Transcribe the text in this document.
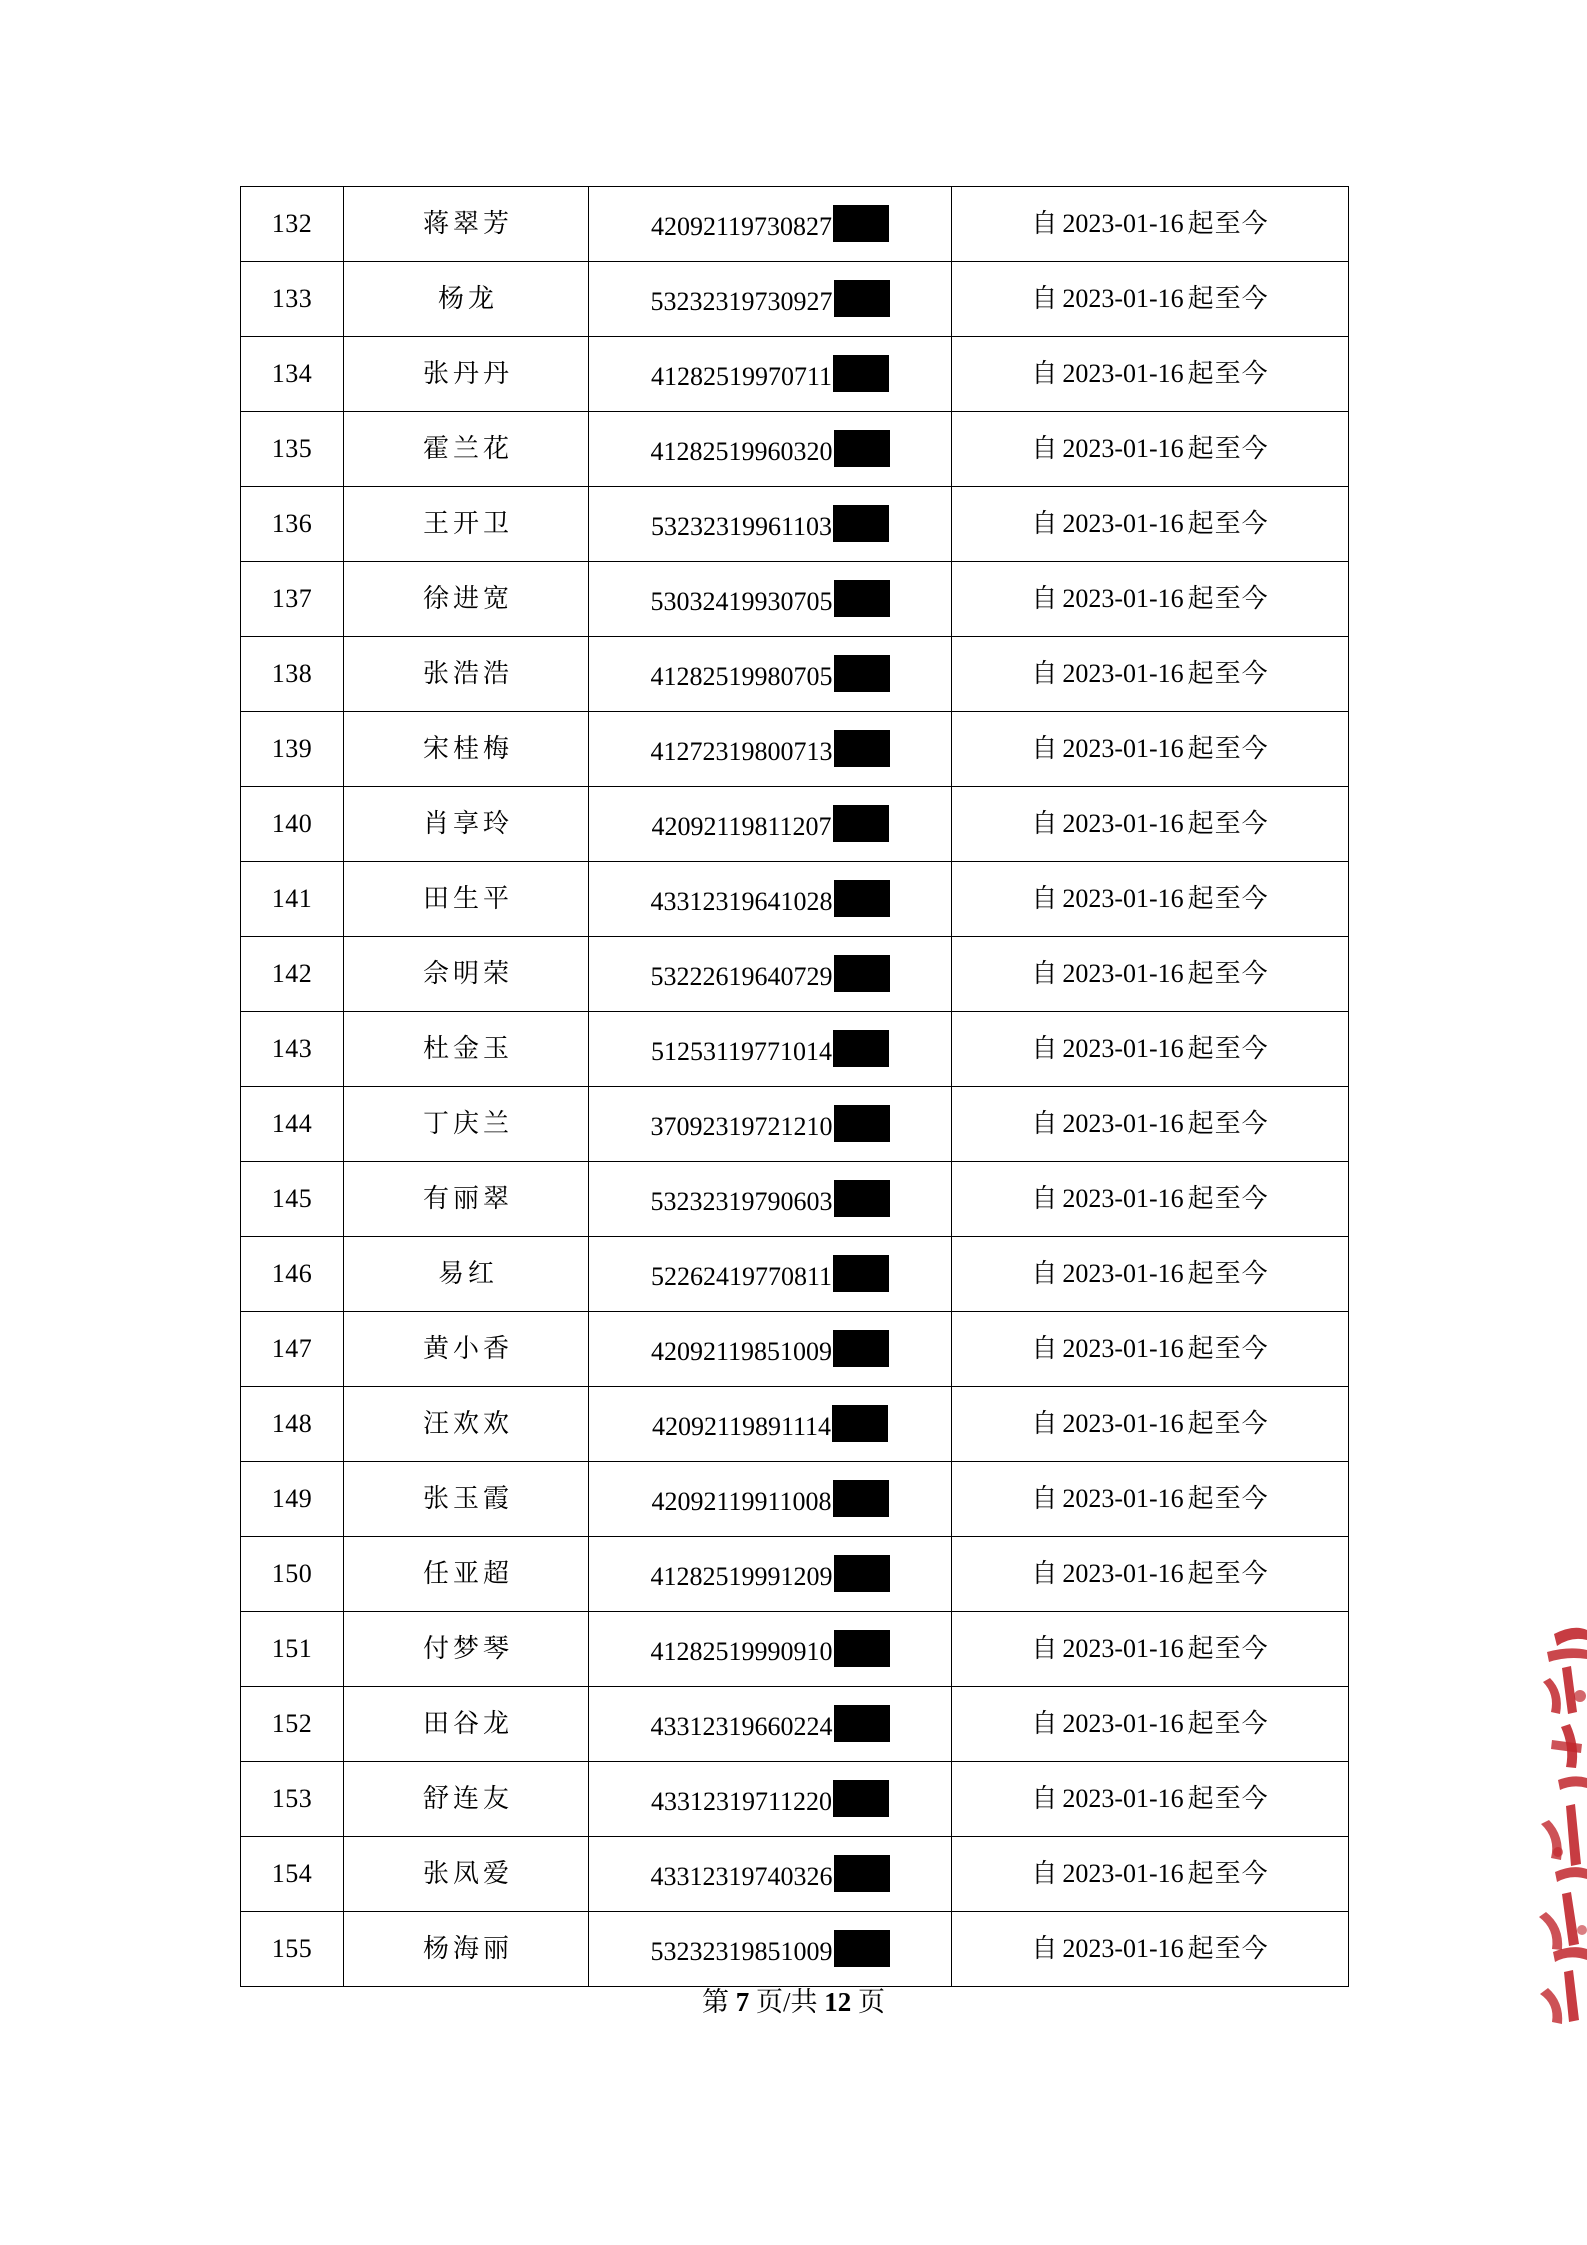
132	蒋翠芳	42092119730827	自 2023-01-16 起至今
133	杨龙	53232319730927	自 2023-01-16 起至今
134	张丹丹	41282519970711	自 2023-01-16 起至今
135	霍兰花	41282519960320	自 2023-01-16 起至今
136	王开卫	53232319961103	自 2023-01-16 起至今
137	徐进宽	53032419930705	自 2023-01-16 起至今
138	张浩浩	41282519980705	自 2023-01-16 起至今
139	宋桂梅	41272319800713	自 2023-01-16 起至今
140	肖享玲	42092119811207	自 2023-01-16 起至今
141	田生平	43312319641028	自 2023-01-16 起至今
142	佘明荣	53222619640729	自 2023-01-16 起至今
143	杜金玉	51253119771014	自 2023-01-16 起至今
144	丁庆兰	37092319721210	自 2023-01-16 起至今
145	有丽翠	53232319790603	自 2023-01-16 起至今
146	易红	52262419770811	自 2023-01-16 起至今
147	黄小香	42092119851009	自 2023-01-16 起至今
148	汪欢欢	42092119891114	自 2023-01-16 起至今
149	张玉霞	42092119911008	自 2023-01-16 起至今
150	任亚超	41282519991209	自 2023-01-16 起至今
151	付梦琴	41282519990910	自 2023-01-16 起至今
152	田谷龙	43312319660224	自 2023-01-16 起至今
153	舒连友	43312319711220	自 2023-01-16 起至今
154	张凤爱	43312319740326	自 2023-01-16 起至今
155	杨海丽	53232319851009	自 2023-01-16 起至今
第 7 页/共 12 页
